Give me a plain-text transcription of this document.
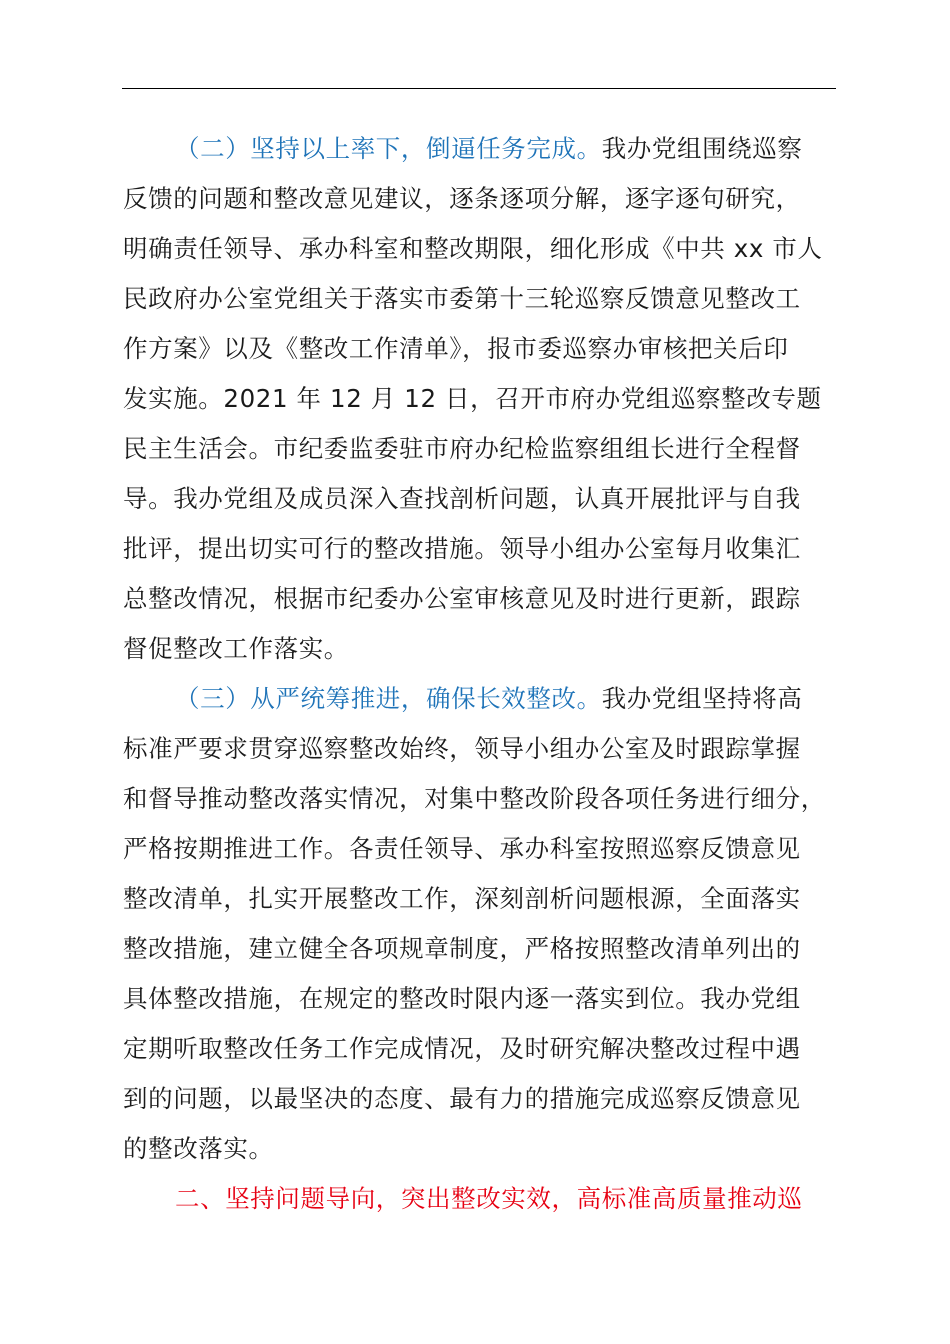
（二）坚持以上率下，倒逼任务完成。我办党组围绕巡察
反馈的问题和整改意见建议，逐条逐项分解，逐字逐句研究，
明确责任领导、承办科室和整改期限，细化形成《中共 xx 市人
民政府办公室党组关于落实市委第十三轮巡察反馈意见整改工
作方案》以及《整改工作清单》，报市委巡察办审核把关后印
发实施。2021 年 12 月 12 日，召开市府办党组巡察整改专题
民主生活会。市纪委监委驻市府办纪检监察组组长进行全程督
导。我办党组及成员深入查找剖析问题，认真开展批评与自我
批评，提出切实可行的整改措施。领导小组办公室每月收集汇
总整改情况，根据市纪委办公室审核意见及时进行更新，跟踪
督促整改工作落实。
（三）从严统筹推进，确保长效整改。我办党组坚持将高
标准严要求贯穿巡察整改始终，领导小组办公室及时跟踪掌握
和督导推动整改落实情况，对集中整改阶段各项任务进行细分，
严格按期推进工作。各责任领导、承办科室按照巡察反馈意见
整改清单，扎实开展整改工作，深刻剖析问题根源，全面落实
整改措施，建立健全各项规章制度，严格按照整改清单列出的
具体整改措施，在规定的整改时限内逐一落实到位。我办党组
定期听取整改任务工作完成情况，及时研究解决整改过程中遇
到的问题，以最坚决的态度、最有力的措施完成巡察反馈意见
的整改落实。
二、坚持问题导向，突出整改实效，高标准高质量推动巡
